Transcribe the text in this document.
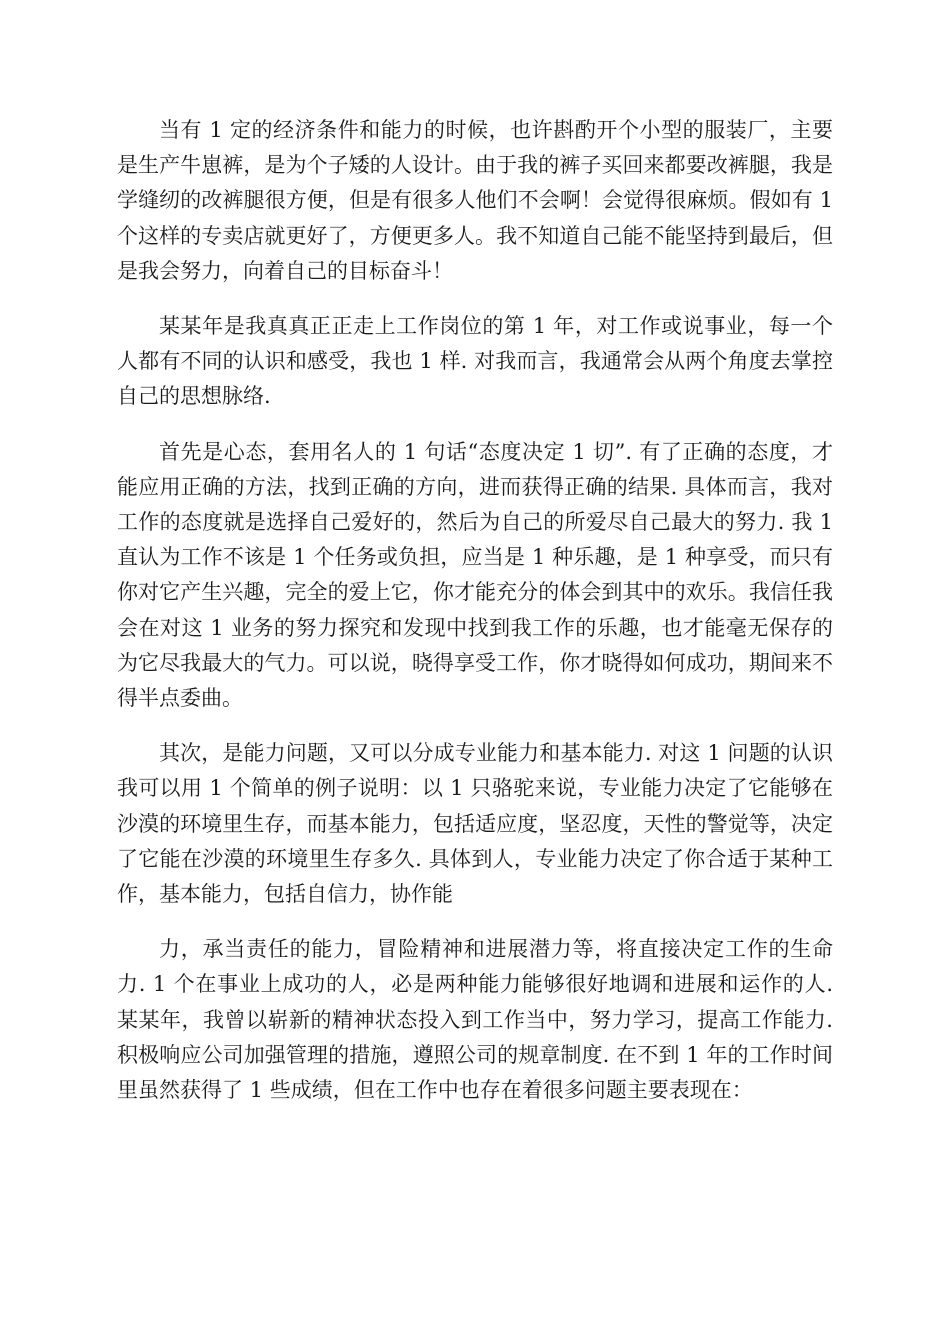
当有 1 定的经济条件和能力的时候，也许斟酌开个小型的服装厂，主要是生产牛崽裤，是为个子矮的人设计。由于我的裤子买回来都要改裤腿，我是学缝纫的改裤腿很方便，但是有很多人他们不会啊！会觉得很麻烦。假如有 1 个这样的专卖店就更好了，方便更多人。我不知道自己能不能坚持到最后，但是我会努力，向着自己的目标奋斗！

某某年是我真真正正走上工作岗位的第 1 年，对工作或说事业，每一个人都有不同的认识和感受，我也 1 样. 对我而言，我通常会从两个角度去掌控自己的思想脉络.

首先是心态，套用名人的 1 句话“态度决定 1 切”. 有了正确的态度，才能应用正确的方法，找到正确的方向，进而获得正确的结果. 具体而言，我对工作的态度就是选择自己爱好的，然后为自己的所爱尽自己最大的努力. 我 1 直认为工作不该是 1 个任务或负担，应当是 1 种乐趣，是 1 种享受，而只有你对它产生兴趣，完全的爱上它，你才能充分的体会到其中的欢乐。我信任我会在对这 1 业务的努力探究和发现中找到我工作的乐趣，也才能毫无保存的为它尽我最大的气力。可以说，晓得享受工作，你才晓得如何成功，期间来不得半点委曲。

其次，是能力问题，又可以分成专业能力和基本能力. 对这 1 问题的认识我可以用 1 个简单的例子说明：以 1 只骆驼来说，专业能力决定了它能够在沙漠的环境里生存，而基本能力，包括适应度，坚忍度，天性的警觉等，决定了它能在沙漠的环境里生存多久. 具体到人，专业能力决定了你合适于某种工作，基本能力，包括自信力，协作能

力，承当责任的能力，冒险精神和进展潜力等，将直接决定工作的生命力. 1 个在事业上成功的人，必是两种能力能够很好地调和进展和运作的人. 某某年，我曾以崭新的精神状态投入到工作当中，努力学习，提高工作能力. 积极响应公司加强管理的措施，遵照公司的规章制度. 在不到 1 年的工作时间里虽然获得了 1 些成绩，但在工作中也存在着很多问题主要表现在：
